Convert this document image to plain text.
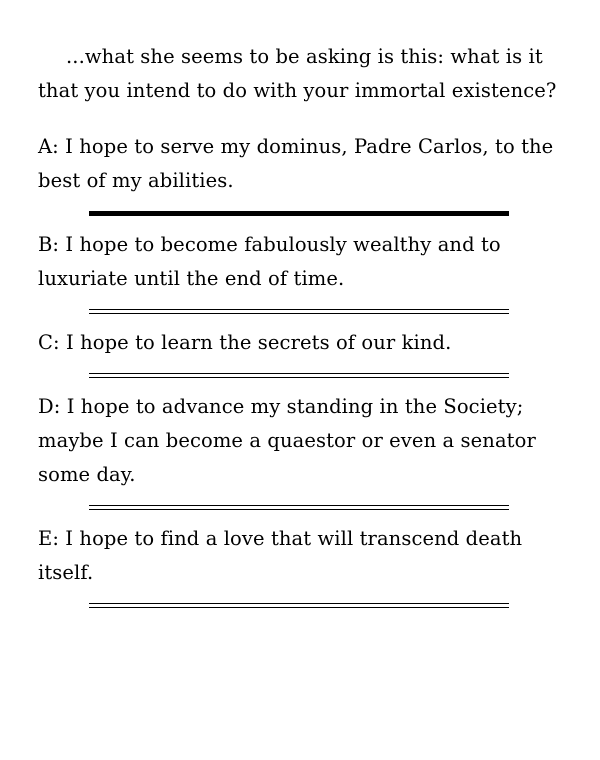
...what she seems to be asking is this: what is it that you intend to do with your immortal existence?

A: I hope to serve my dominus, Padre Carlos, to the best of my abilities.

B: I hope to become fabulously wealthy and to luxuriate until the end of time.

C: I hope to learn the secrets of our kind.

D: I hope to advance my standing in the Society; maybe I can become a quaestor or even a senator some day.

E: I hope to find a love that will transcend death itself.
